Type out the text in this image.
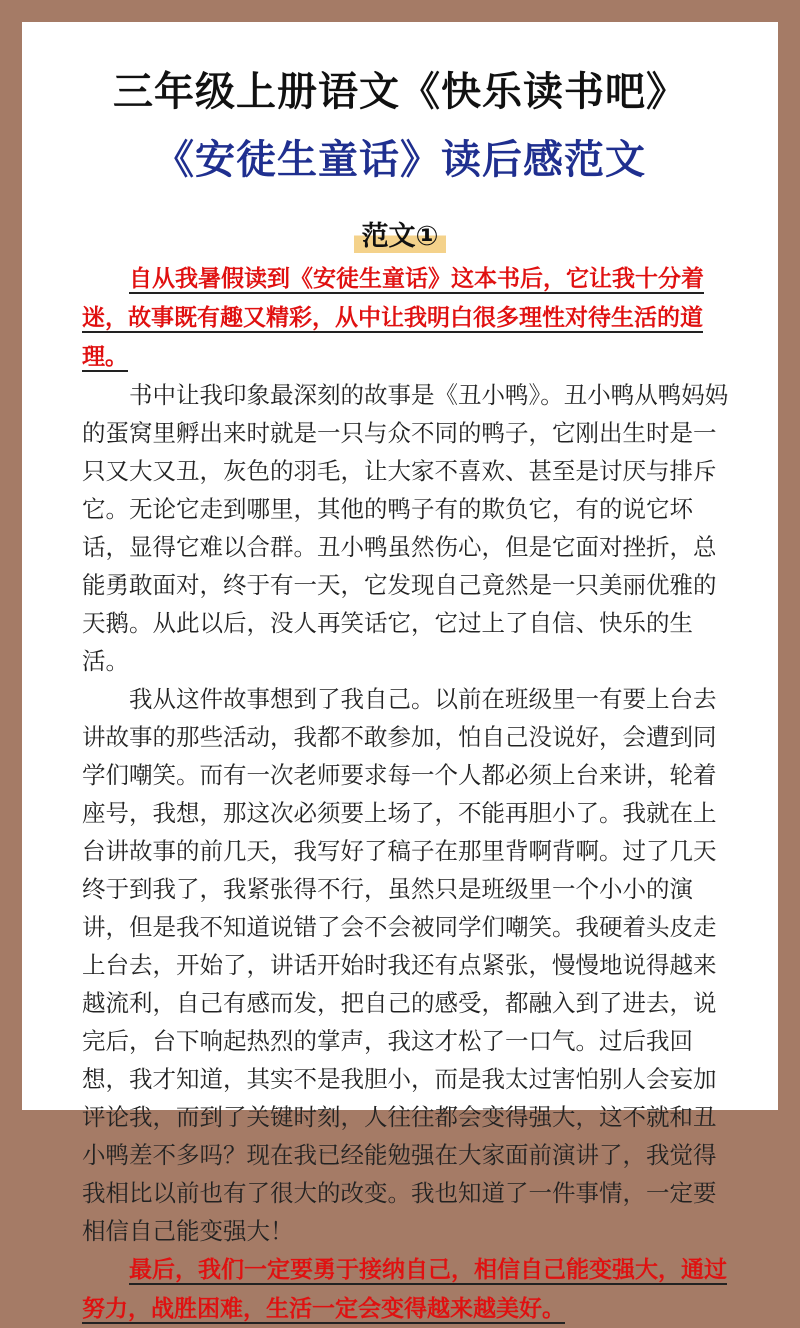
三年级上册语文《快乐读书吧》
《安徒生童话》读后感范文
范文①

自从我暑假读到《安徒生童话》这本书后，它让我十分着迷，故事既有趣又精彩，从中让我明白很多理性对待生活的道理。

书中让我印象最深刻的故事是《丑小鸭》。丑小鸭从鸭妈妈的蛋窝里孵出来时就是一只与众不同的鸭子，它刚出生时是一只又大又丑，灰色的羽毛，让大家不喜欢、甚至是讨厌与排斥它。无论它走到哪里，其他的鸭子有的欺负它，有的说它坏话，显得它难以合群。丑小鸭虽然伤心，但是它面对挫折，总能勇敢面对，终于有一天，它发现自己竟然是一只美丽优雅的天鹅。从此以后，没人再笑话它，它过上了自信、快乐的生活。

我从这件故事想到了我自己。以前在班级里一有要上台去讲故事的那些活动，我都不敢参加，怕自己没说好，会遭到同学们嘲笑。而有一次老师要求每一个人都必须上台来讲，轮着座号，我想，那这次必须要上场了，不能再胆小了。我就在上台讲故事的前几天，我写好了稿子在那里背啊背啊。过了几天终于到我了，我紧张得不行，虽然只是班级里一个小小的演讲，但是我不知道说错了会不会被同学们嘲笑。我硬着头皮走上台去，开始了，讲话开始时我还有点紧张，慢慢地说得越来越流利，自己有感而发，把自己的感受，都融入到了进去，说完后，台下响起热烈的掌声，我这才松了一口气。过后我回想，我才知道，其实不是我胆小，而是我太过害怕别人会妄加评论我，而到了关键时刻，人往往都会变得强大，这不就和丑小鸭差不多吗？现在我已经能勉强在大家面前演讲了，我觉得我相比以前也有了很大的改变。我也知道了一件事情，一定要相信自己能变强大！

最后，我们一定要勇于接纳自己，相信自己能变强大，通过努力，战胜困难，生活一定会变得越来越美好。
